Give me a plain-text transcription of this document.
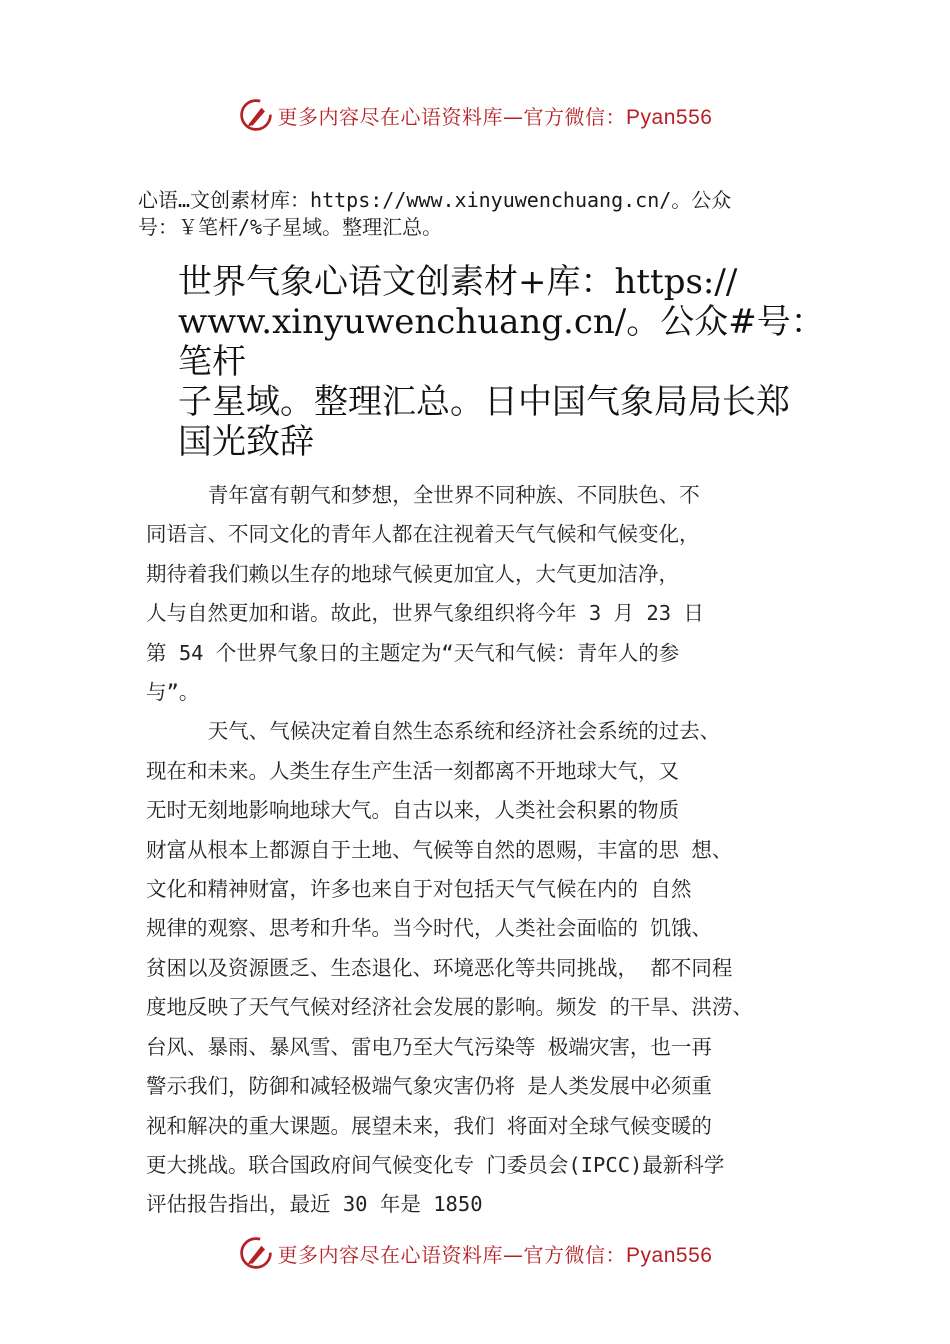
更多内容尽在心语资料库—官方微信：Pyan556
心语…文创素材库：https://www.xinyuwenchuang.cn/。公众
号：￥笔杆/%子星域。整理汇总。
世界气象心语文创素材+库：https://
www.xinyuwenchuang.cn/。公众#号：笔杆
子星域。整理汇总。日中国气象局局长郑
国光致辞

青年富有朝气和梦想，全世界不同种族、不同肤色、不
同语言、不同文化的青年人都在注视着天气气候和气候变化，
期待着我们赖以生存的地球气候更加宜人，大气更加洁净，
人与自然更加和谐。故此，世界气象组织将今年 3 月 23 日
第 54 个世界气象日的主题定为“天气和气候：青年人的参
与”。

天气、气候决定着自然生态系统和经济社会系统的过去、
现在和未来。人类生存生产生活一刻都离不开地球大气，又
无时无刻地影响地球大气。自古以来，人类社会积累的物质
财富从根本上都源自于土地、气候等自然的恩赐，丰富的思 想、
文化和精神财富，许多也来自于对包括天气气候在内的 自然
规律的观察、思考和升华。当今时代，人类社会面临的 饥饿、
贫困以及资源匮乏、生态退化、环境恶化等共同挑战， 都不同程
度地反映了天气气候对经济社会发展的影响。频发 的干旱、洪涝、
台风、暴雨、暴风雪、雷电乃至大气污染等 极端灾害，也一再
警示我们，防御和减轻极端气象灾害仍将 是人类发展中必须重
视和解决的重大课题。展望未来，我们 将面对全球气候变暖的
更大挑战。联合国政府间气候变化专 门委员会(IPCC)最新科学
评估报告指出，最近 30 年是 1850

更多内容尽在心语资料库—官方微信：Pyan556
